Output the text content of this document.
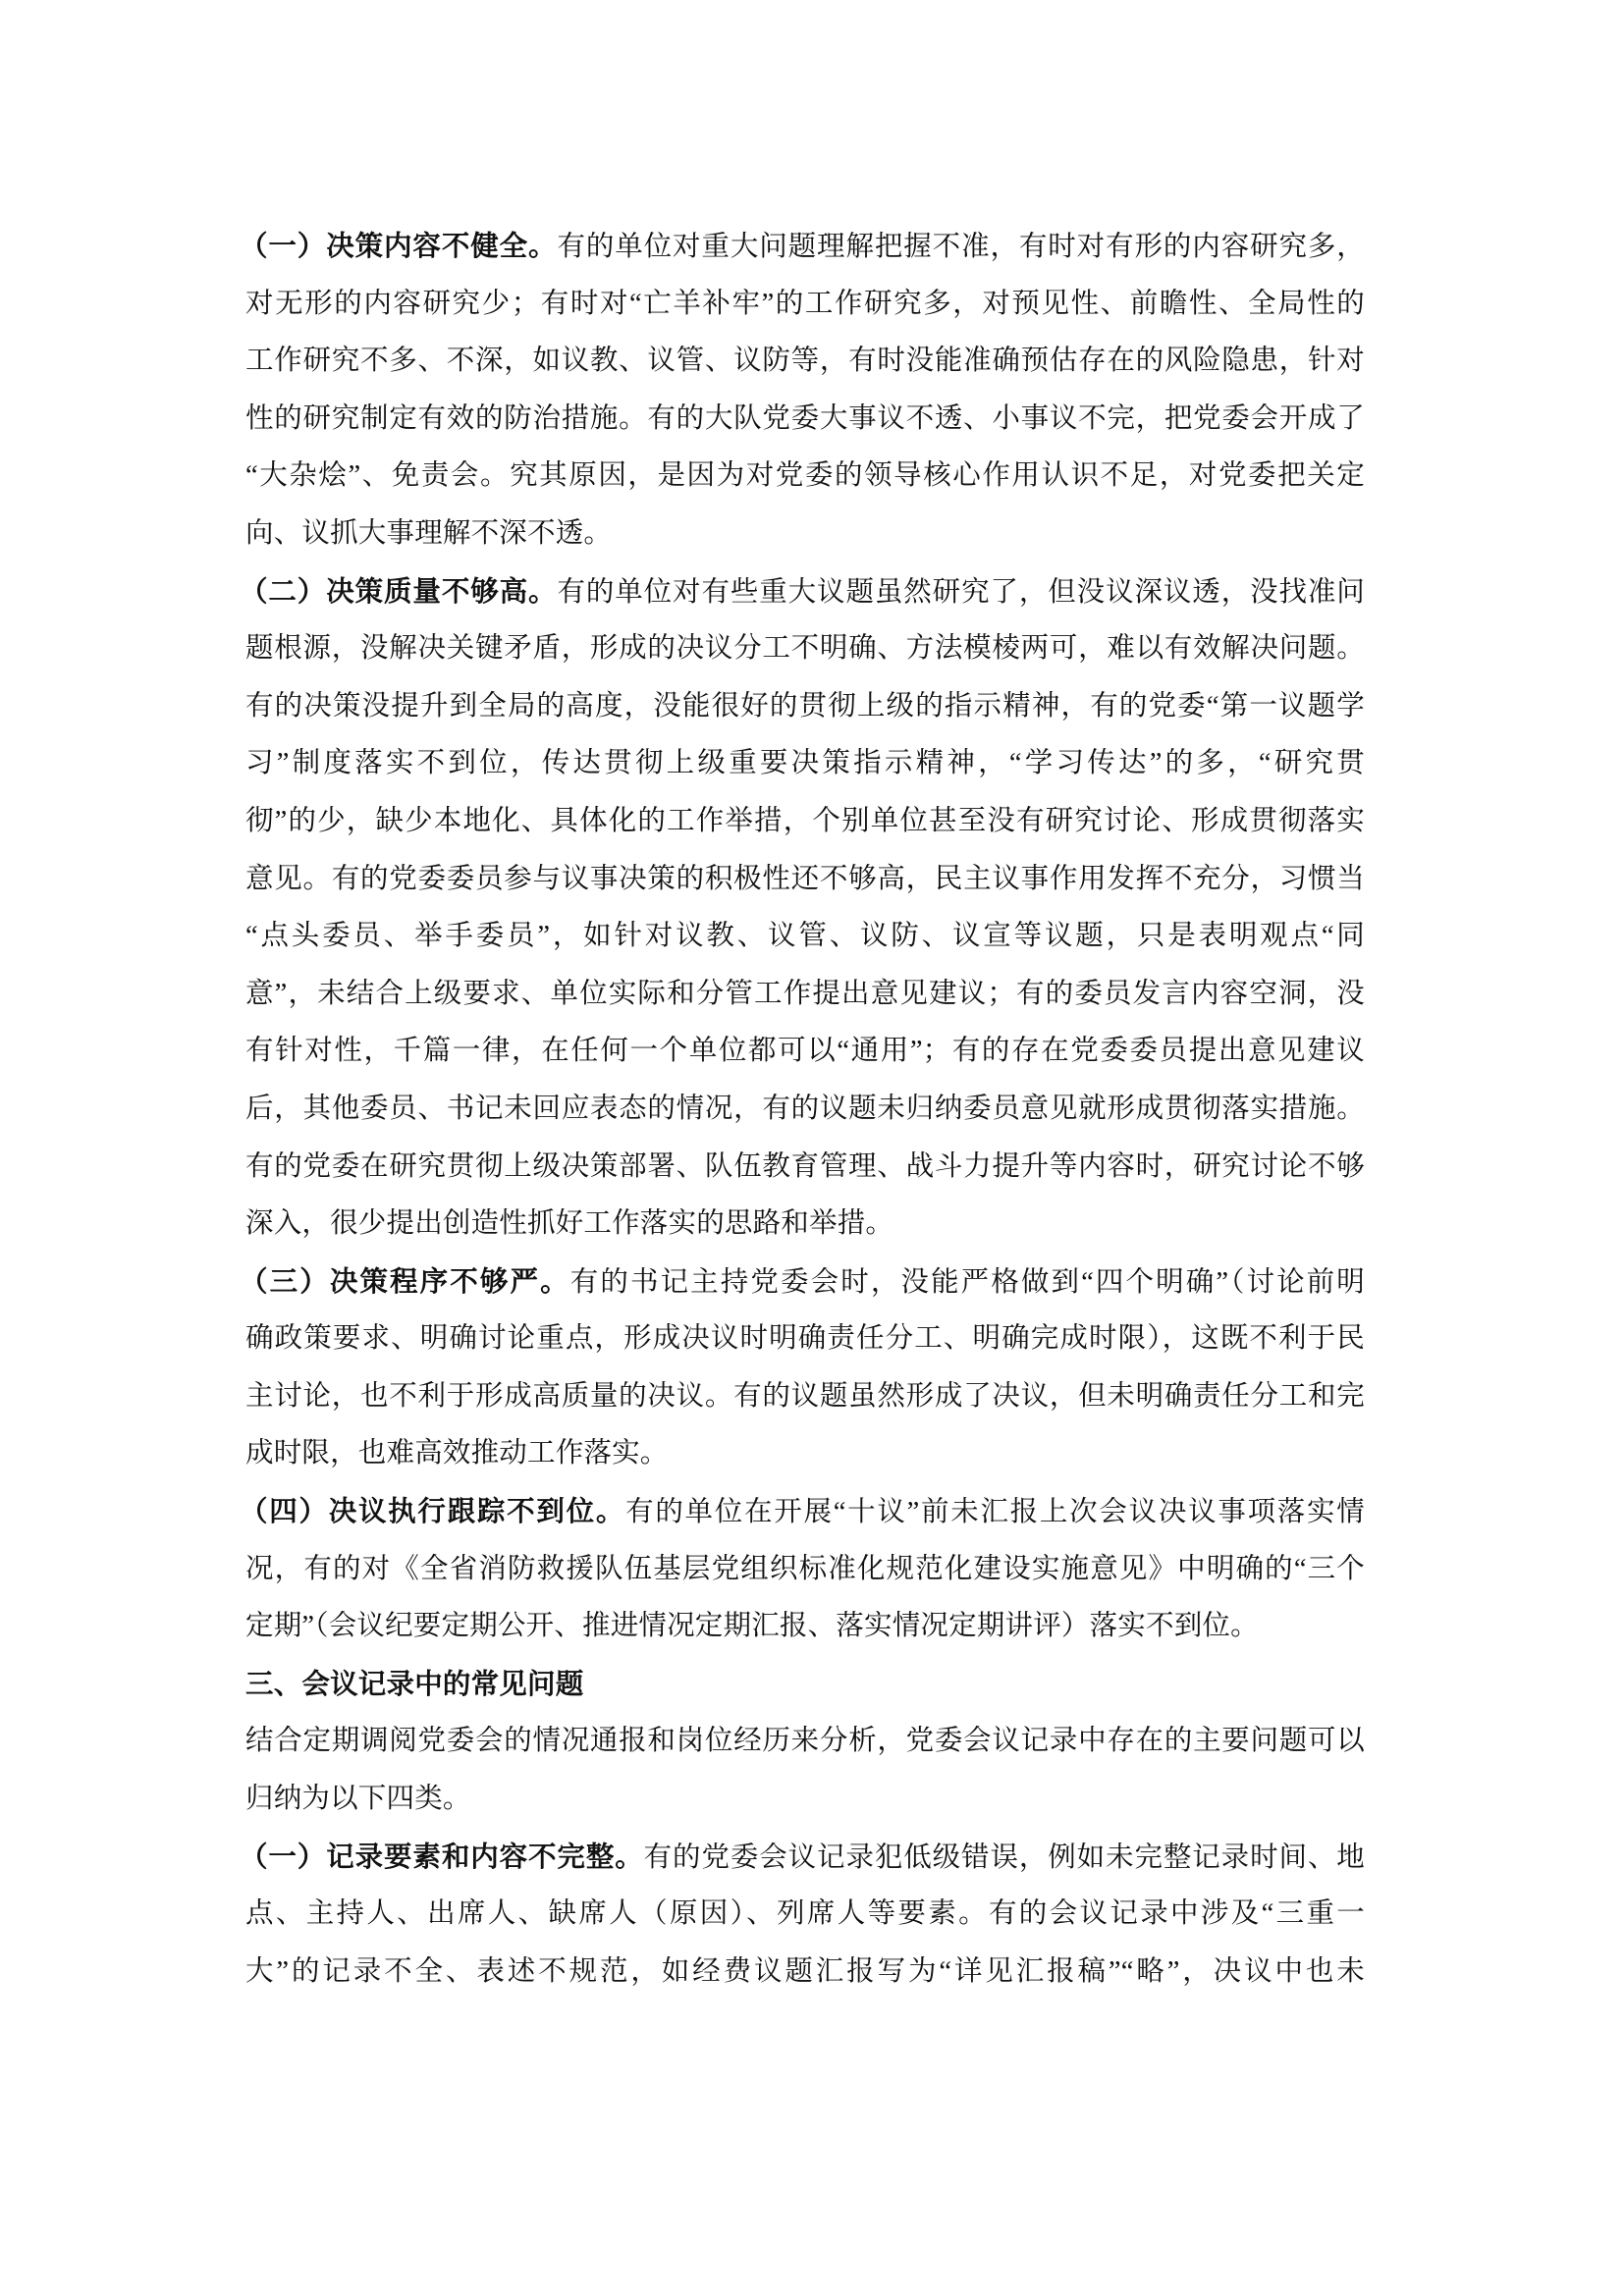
（一）决策内容不健全。有的单位对重大问题理解把握不准，有时对有形的内容研究多，
对无形的内容研究少；有时对“亡羊补牢”的工作研究多，对预见性、前瞻性、全局性的
工作研究不多、不深，如议教、议管、议防等，有时没能准确预估存在的风险隐患，针对
性的研究制定有效的防治措施。有的大队党委大事议不透、小事议不完，把党委会开成了
“大杂烩”、免责会。究其原因，是因为对党委的领导核心作用认识不足，对党委把关定
向、议抓大事理解不深不透。
（二）决策质量不够高。有的单位对有些重大议题虽然研究了，但没议深议透，没找准问
题根源，没解决关键矛盾，形成的决议分工不明确、方法模棱两可，难以有效解决问题。
有的决策没提升到全局的高度，没能很好的贯彻上级的指示精神，有的党委“第一议题学
习”制度落实不到位，传达贯彻上级重要决策指示精神，“学习传达”的多，“研究贯
彻”的少，缺少本地化、具体化的工作举措，个别单位甚至没有研究讨论、形成贯彻落实
意见。有的党委委员参与议事决策的积极性还不够高，民主议事作用发挥不充分，习惯当
“点头委员、举手委员”，如针对议教、议管、议防、议宣等议题，只是表明观点“同
意”，未结合上级要求、单位实际和分管工作提出意见建议；有的委员发言内容空洞，没
有针对性，千篇一律，在任何一个单位都可以“通用”；有的存在党委委员提出意见建议
后，其他委员、书记未回应表态的情况，有的议题未归纳委员意见就形成贯彻落实措施。
有的党委在研究贯彻上级决策部署、队伍教育管理、战斗力提升等内容时，研究讨论不够
深入，很少提出创造性抓好工作落实的思路和举措。
（三）决策程序不够严。有的书记主持党委会时，没能严格做到“四个明确”（讨论前明
确政策要求、明确讨论重点，形成决议时明确责任分工、明确完成时限），这既不利于民
主讨论，也不利于形成高质量的决议。有的议题虽然形成了决议，但未明确责任分工和完
成时限，也难高效推动工作落实。
（四）决议执行跟踪不到位。有的单位在开展“十议”前未汇报上次会议决议事项落实情
况，有的对《全省消防救援队伍基层党组织标准化规范化建设实施意见》中明确的“三个
定期”（会议纪要定期公开、推进情况定期汇报、落实情况定期讲评）落实不到位。
三、会议记录中的常见问题
结合定期调阅党委会的情况通报和岗位经历来分析，党委会议记录中存在的主要问题可以
归纳为以下四类。
（一）记录要素和内容不完整。有的党委会议记录犯低级错误，例如未完整记录时间、地
点、主持人、出席人、缺席人（原因）、列席人等要素。有的会议记录中涉及“三重一
大”的记录不全、表述不规范，如经费议题汇报写为“详见汇报稿”“略”，决议中也未
